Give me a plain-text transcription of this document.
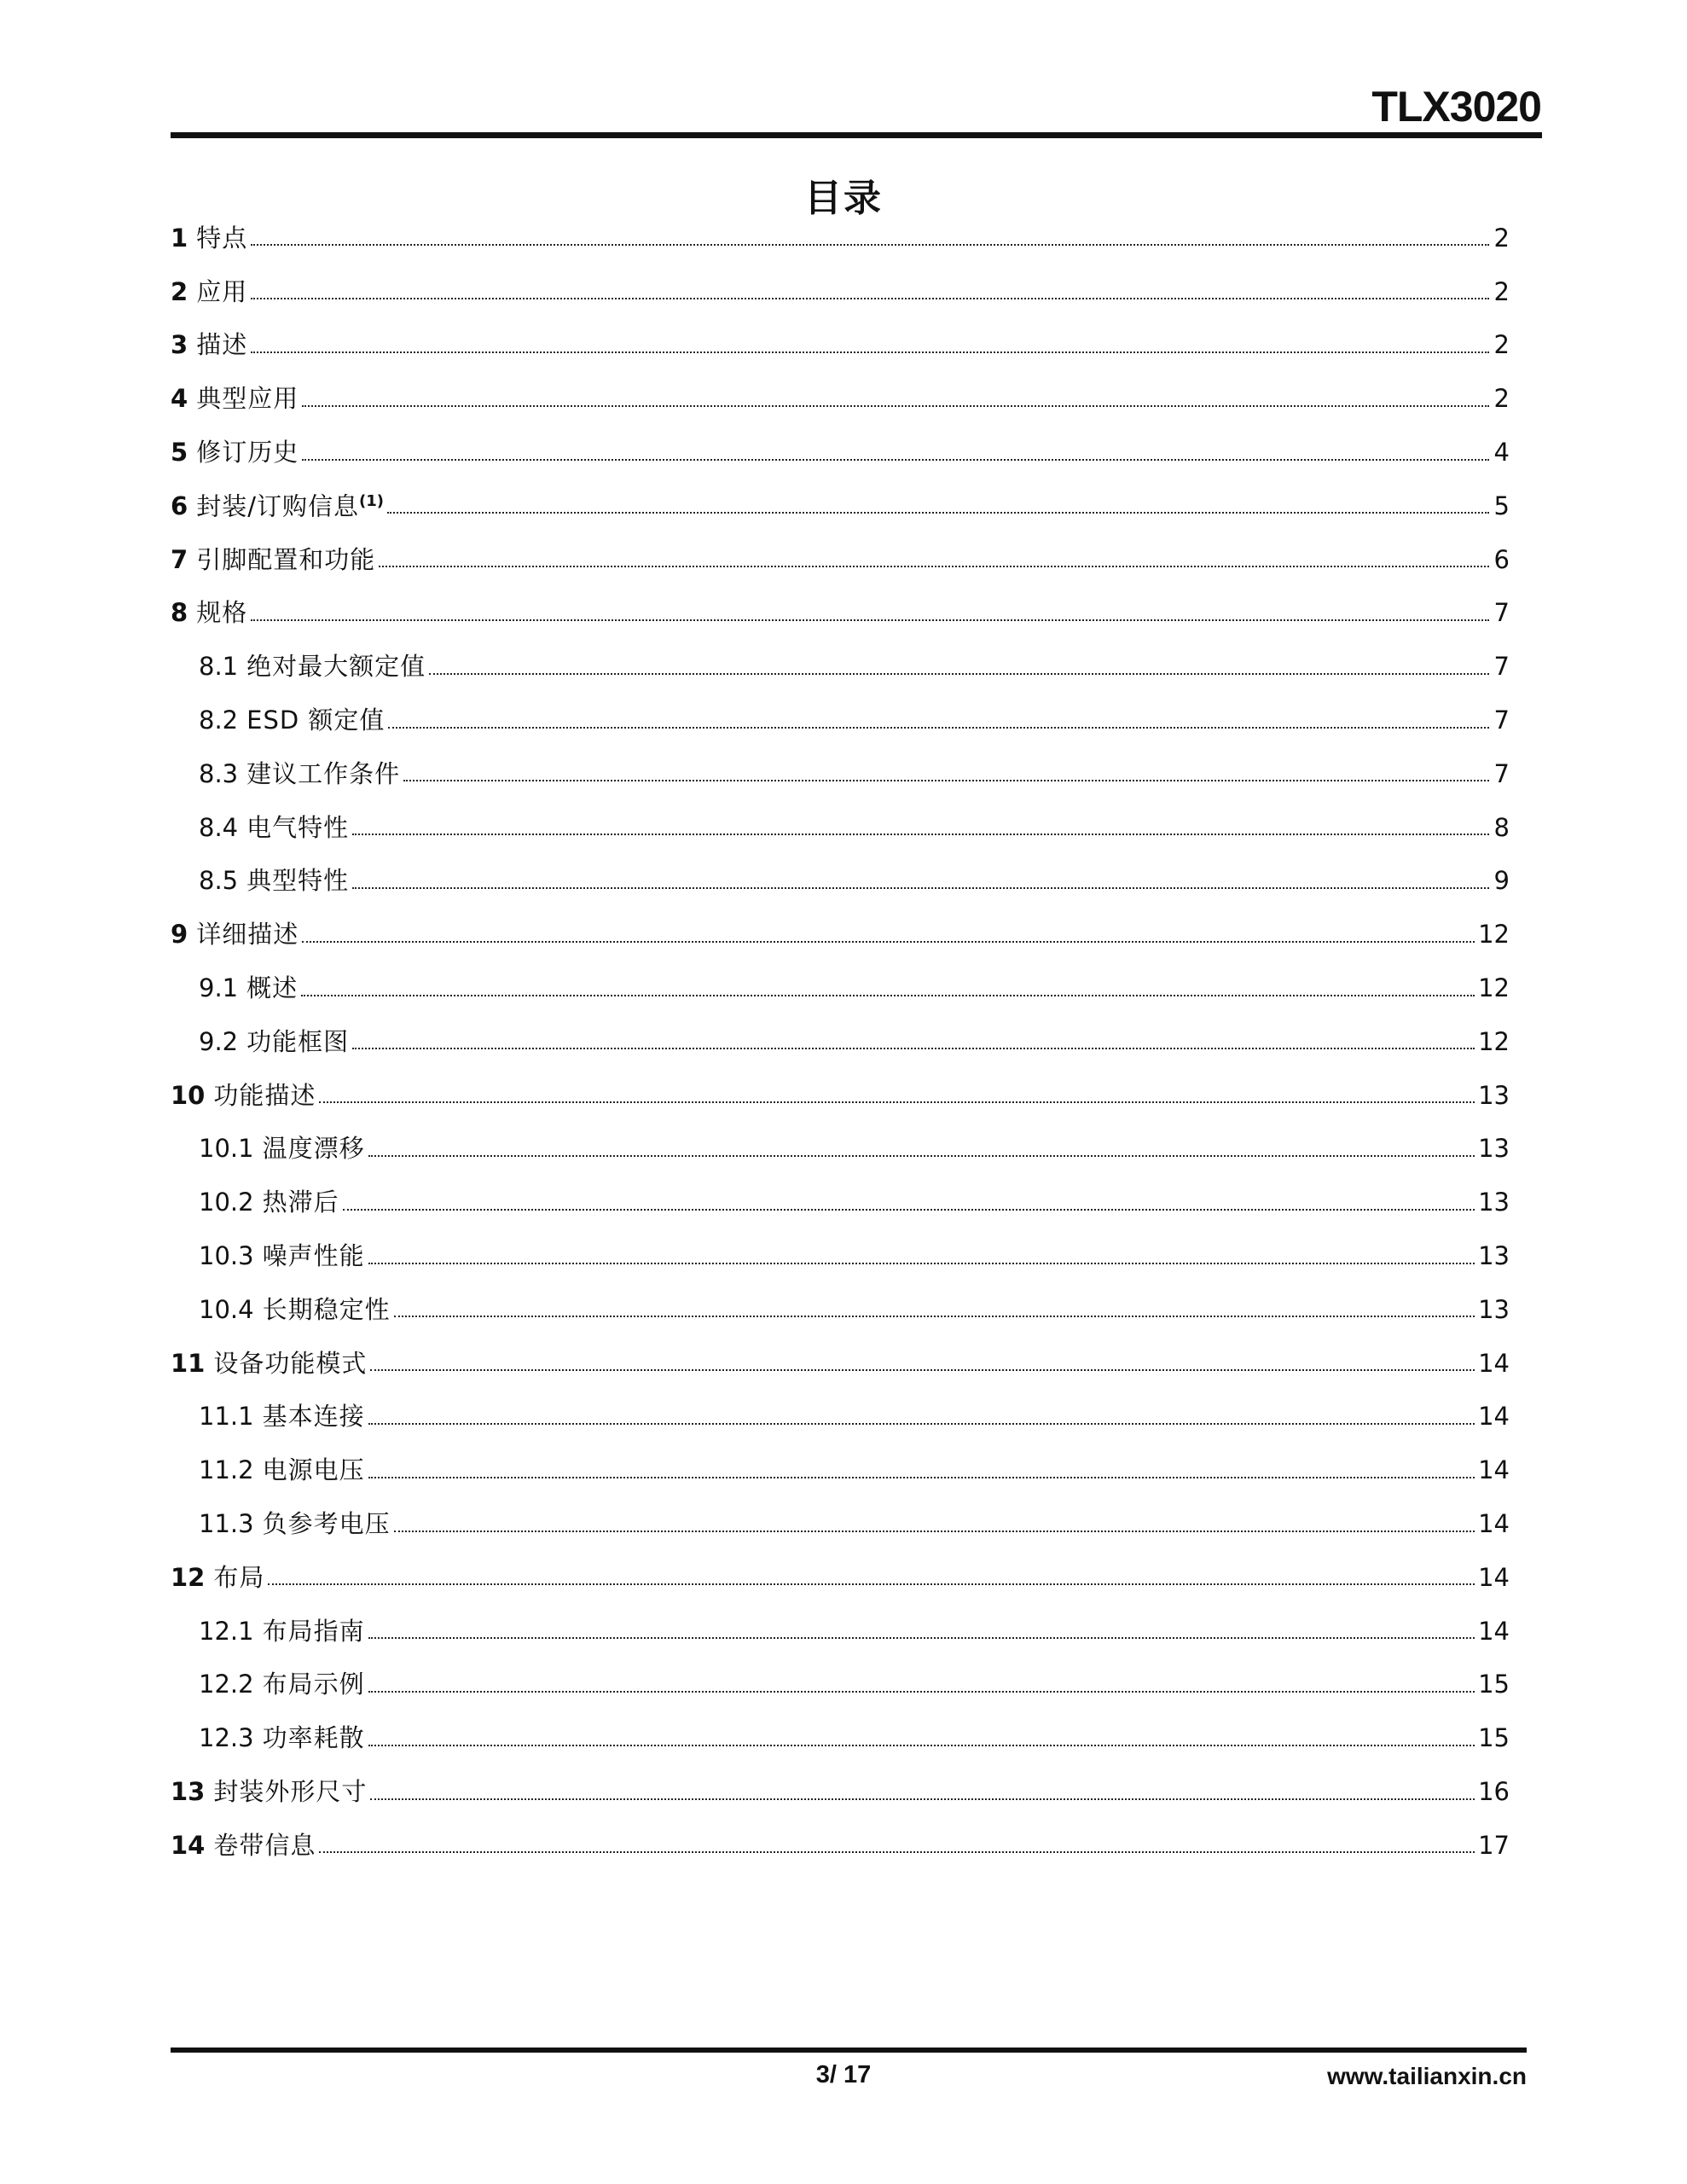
TLX3020
目录
1 特点	2
2 应用	2
3 描述	2
4 典型应用	2
5 修订历史	4
6 封装/订购信息$^{(1)}$	5
7 引脚配置和功能	6
8 规格	7
8.1 绝对最大额定值	7
8.2 ESD 额定值	7
8.3 建议工作条件	7
8.4 电气特性	8
8.5 典型特性	9
9 详细描述	12
9.1 概述	12
9.2 功能框图	12
10 功能描述	13
10.1 温度漂移	13
10.2 热滞后	13
10.3 噪声性能	13
10.4 长期稳定性	13
11 设备功能模式	14
11.1 基本连接	14
11.2 电源电压	14
11.3 负参考电压	14
12 布局	14
12.1 布局指南	14
12.2 布局示例	15
12.3 功率耗散	15
13 封装外形尺寸	16
14 卷带信息	17
3/ 17	www.tailianxin.cn
